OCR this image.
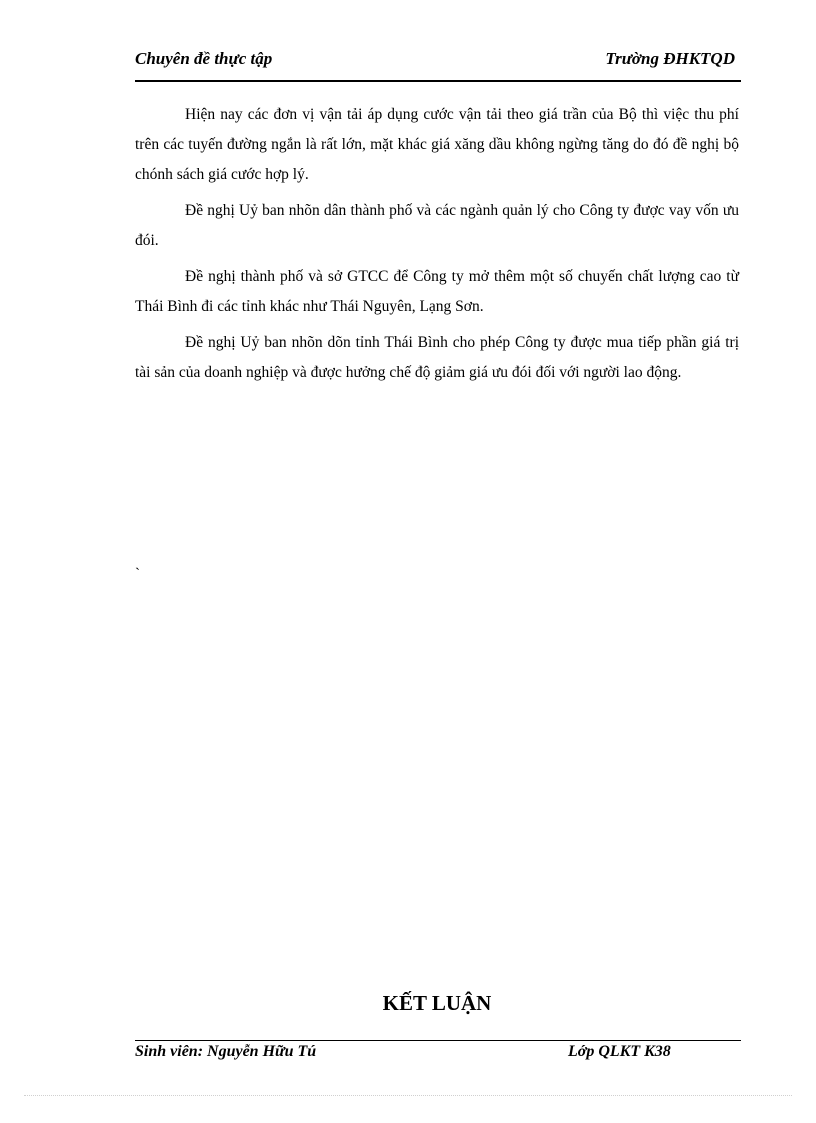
Chuyên đề thực tập	Trường ĐHKTQD

Hiện nay các đơn vị vận tải áp dụng cước vận tải theo giá trần của Bộ thì việc thu phí trên các tuyến đường ngắn là rất lớn, mặt khác giá xăng dầu không ngừng tăng do đó đề nghị bộ chónh sách giá cước hợp lý.

Đề nghị Uỷ ban nhõn dân thành phố và các ngành quản lý cho Công ty được vay vốn ưu đói.

Đề nghị thành phố và sở GTCC để Công ty mở thêm một số chuyến chất lượng cao từ Thái Bình đi các tỉnh khác như Thái Nguyên, Lạng Sơn.

Đề nghị Uỷ ban nhõn dõn tỉnh Thái Bình cho phép Công ty được mua tiếp phần giá trị tài sản của doanh nghiệp và được hưởng chế độ giảm giá ưu đói đối với người lao động.

`
KẾT LUẬN
Sinh viên: Nguyễn Hữu Tú	Lớp QLKT K38
